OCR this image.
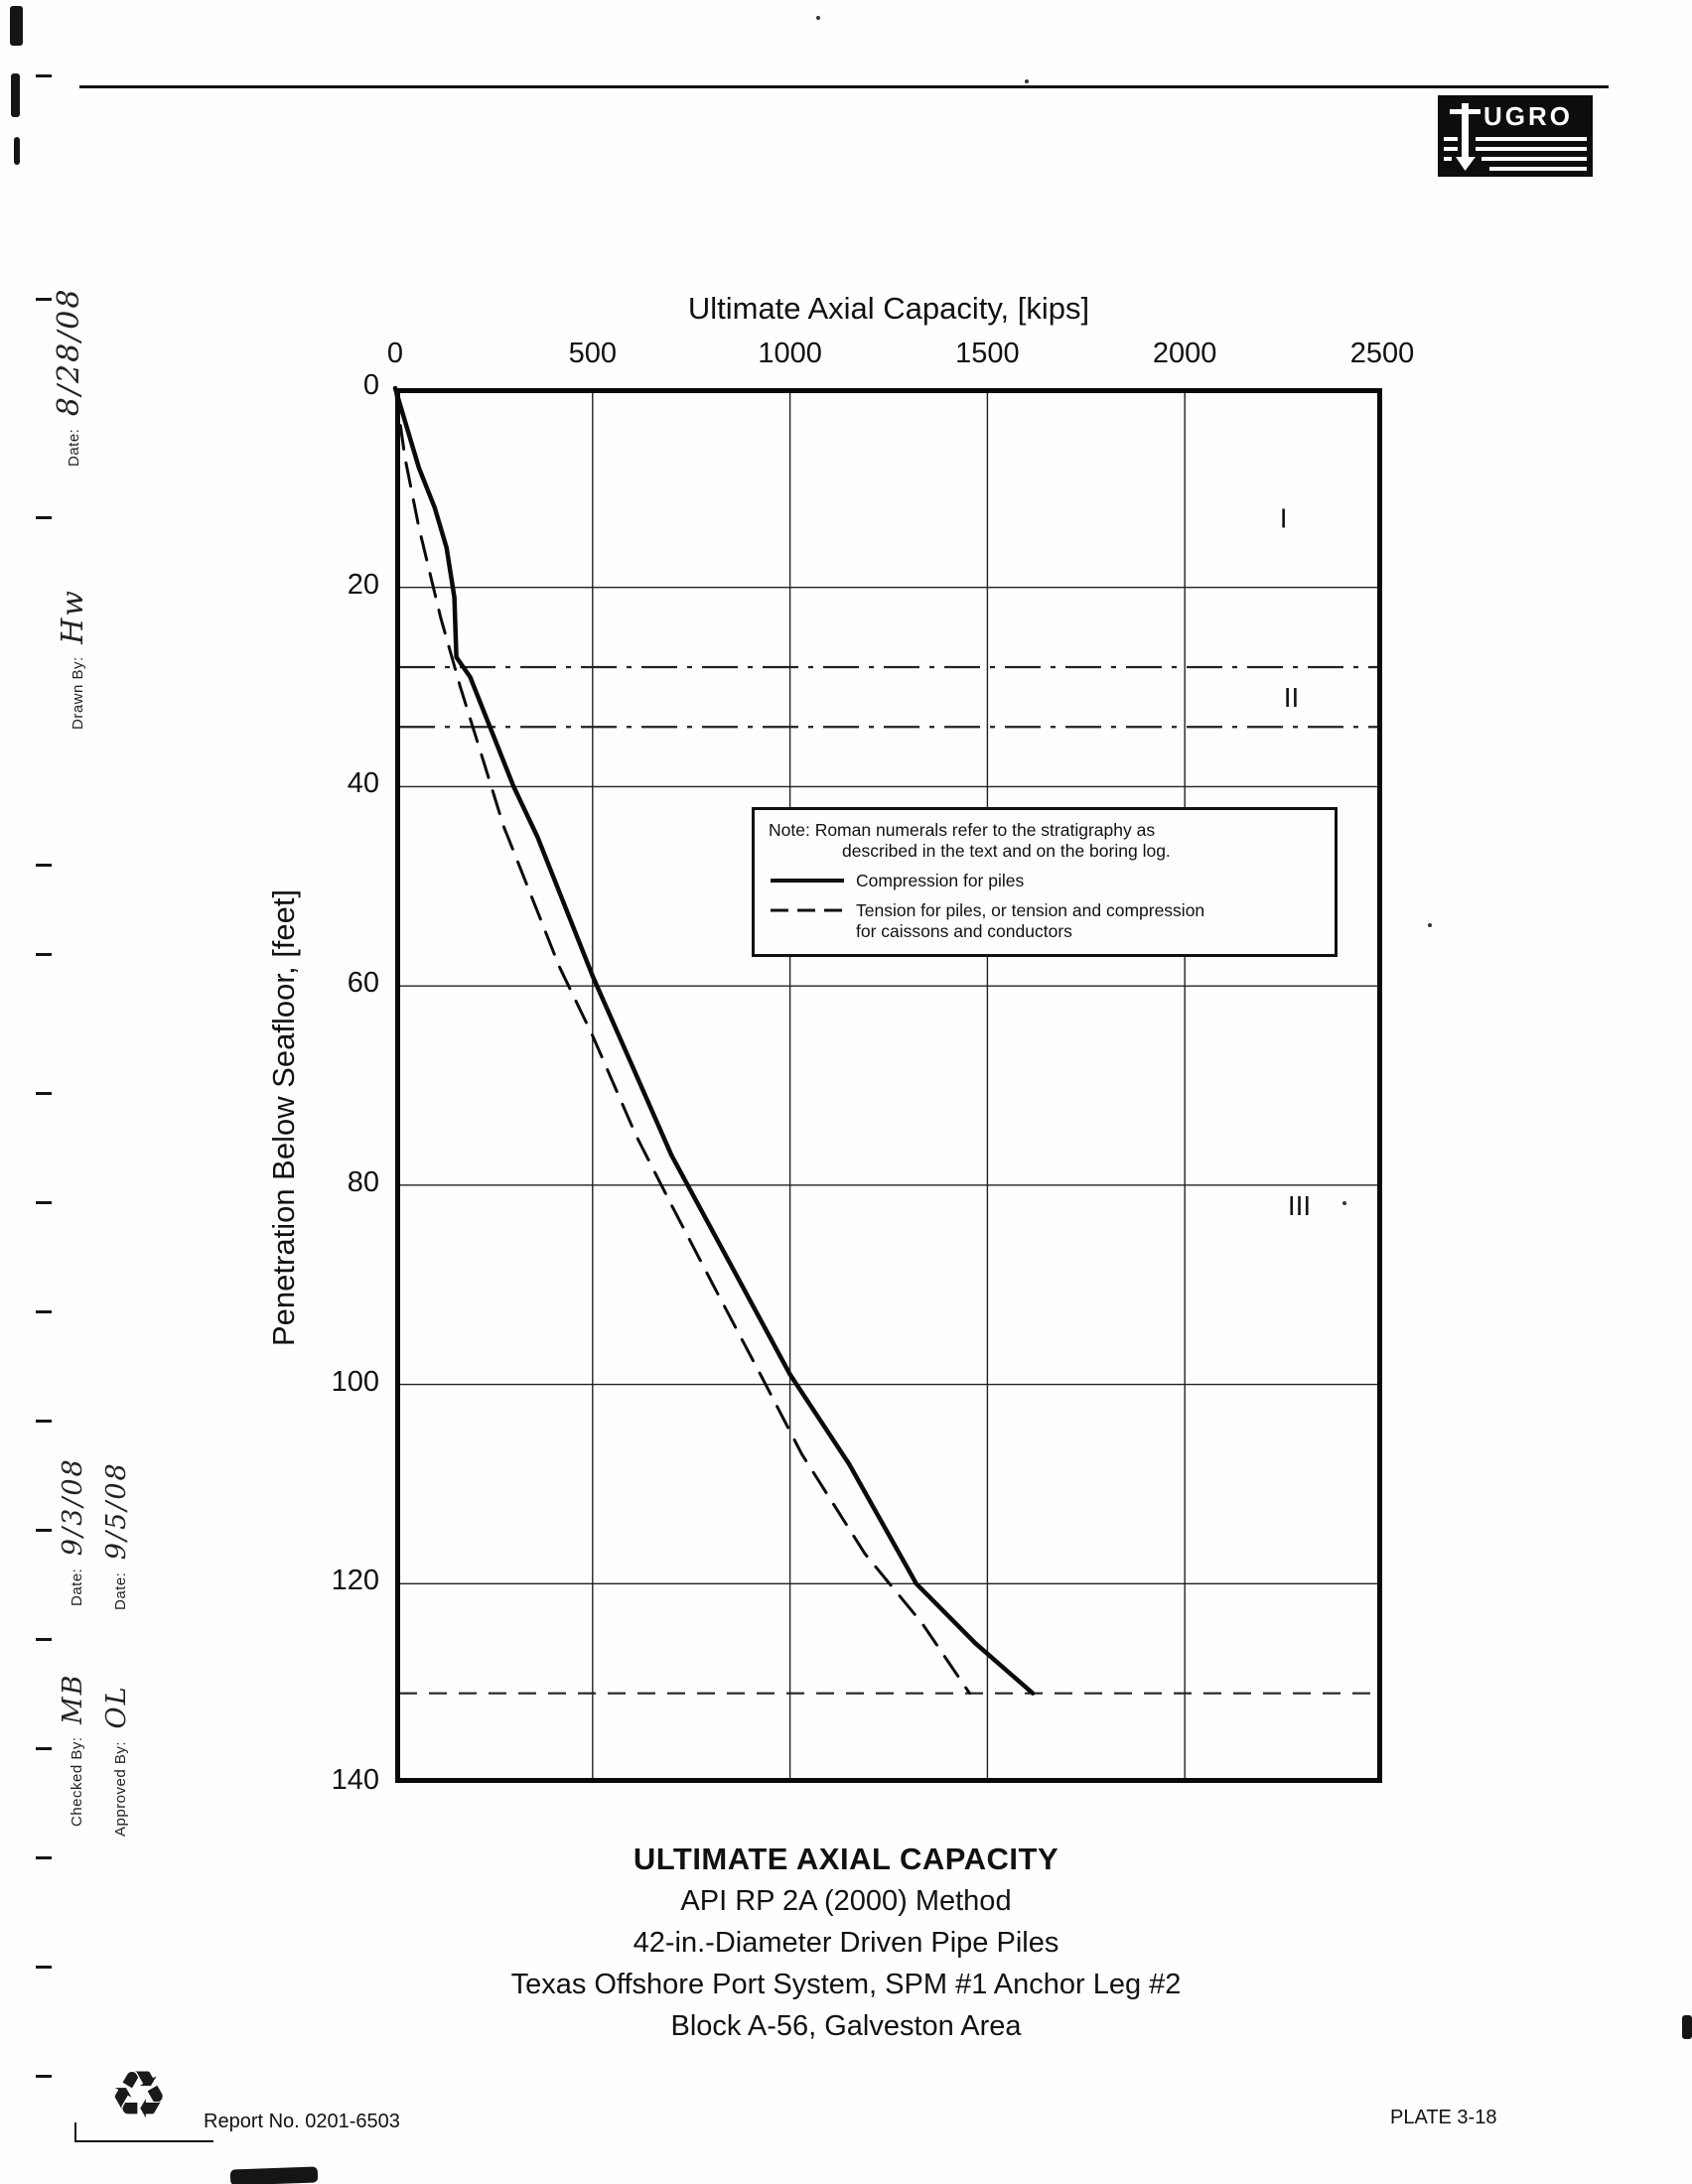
UGRO
Date: 8/28/08
Drawn By: Hw
Date: 9/3/08
Date: 9/5/08
Checked By: MB
Approved By: OL
Ultimate Axial Capacity, [kips]
Penetration Below Seafloor, [feet]
I
II
III
Note: Roman numerals refer to the stratigraphy as
described in the text and on the boring log.
Compression for piles
Tension for piles, or tension and compression
for caissons and conductors
ULTIMATE AXIAL CAPACITY
API RP 2A (2000) Method
42-in.-Diameter Driven Pipe Piles
Texas Offshore Port System, SPM #1 Anchor Leg #2
Block A-56, Galveston Area
Report No. 0201-6503	PLATE 3-18
♻
0	500	1000	1500	2000	2500
0
20
40
60
80
100
120
140
